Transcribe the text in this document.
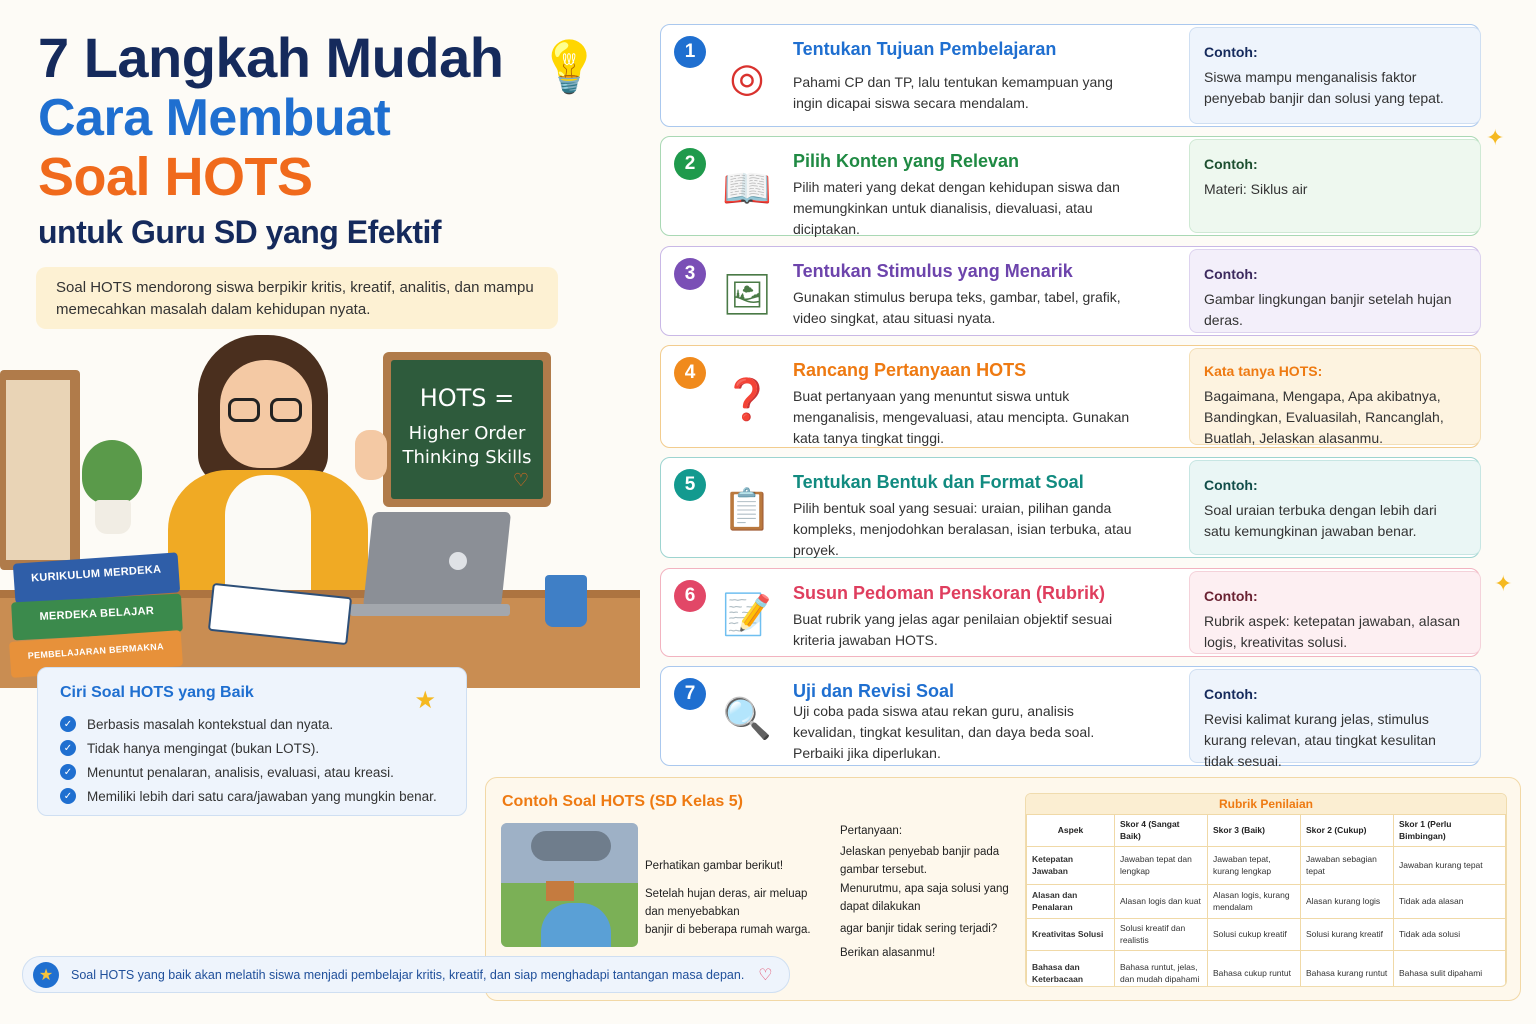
💡
7 Langkah Mudah
Cara Membuat
Soal HOTS
untuk Guru SD yang Efektif
Soal HOTS mendorong siswa berpikir kritis, kreatif, analitis, dan mampu memecahkan masalah dalam kehidupan nyata.
HOTS =
Higher Order
Thinking Skills
♡
KURIKULUM MERDEKA
MERDEKA BELAJAR
PEMBELAJARAN BERMAKNA
Ciri Soal HOTS yang Baik	★
✓ Berbasis masalah kontekstual dan nyata.
✓ Tidak hanya mengingat (bukan LOTS).
✓ Menuntut penalaran, analisis, evaluasi, atau kreasi.
✓ Memiliki lebih dari satu cara/jawaban yang mungkin benar.
1
◎
Tentukan Tujuan Pembelajaran
Pahami CP dan TP, lalu tentukan kemampuan yang ingin dicapai siswa secara mendalam.
Contoh:
Siswa mampu menganalisis faktor penyebab banjir dan solusi yang tepat.
2
📖
Pilih Konten yang Relevan
Pilih materi yang dekat dengan kehidupan siswa dan memungkinkan untuk dianalisis, dievaluasi, atau diciptakan.
Contoh:
Materi: Siklus air
3 🖼
Tentukan Stimulus yang Menarik
Gunakan stimulus berupa teks, gambar, tabel, grafik, video singkat, atau situasi nyata.
Contoh:
Gambar lingkungan banjir setelah hujan deras.
4
❓
Rancang Pertanyaan HOTS
Buat pertanyaan yang menuntut siswa untuk menganalisis, mengevaluasi, atau mencipta. Gunakan kata tanya tingkat tinggi.
Kata tanya HOTS:
Bagaimana, Mengapa, Apa akibatnya, Bandingkan, Evaluasilah, Rancanglah, Buatlah, Jelaskan alasanmu.
5
📋
Tentukan Bentuk dan Format Soal
Pilih bentuk soal yang sesuai: uraian, pilihan ganda kompleks, menjodohkan beralasan, isian terbuka, atau proyek.
Contoh:
Soal uraian terbuka dengan lebih dari satu kemungkinan jawaban benar.
6 📝	Susun Pedoman Penskoran (Rubrik)
Buat rubrik yang jelas agar penilaian objektif sesuai kriteria jawaban HOTS.
Contoh:
Rubrik aspek: ketepatan jawaban, alasan logis, kreativitas solusi.
7
🔍
Uji dan Revisi Soal
Uji coba pada siswa atau rekan guru, analisis kevalidan, tingkat kesulitan, dan daya beda soal. Perbaiki jika diperlukan.
Contoh:
Revisi kalimat kurang jelas, stimulus kurang relevan, atau tingkat kesulitan tidak sesuai.
✦
✦
Contoh Soal HOTS (SD Kelas 5)
Perhatikan gambar berikut!
Setelah hujan deras, air meluap dan menyebabkan
banjir di beberapa rumah warga.
Pertanyaan:
Jelaskan penyebab banjir pada gambar tersebut.
Menurutmu, apa saja solusi yang dapat dilakukan
agar banjir tidak sering terjadi?
Berikan alasanmu!
Rubrik Penilaian
Aspek	Skor 4 (Sangat Baik)	Skor 3 (Baik)	Skor 2 (Cukup)	Skor 1 (Perlu Bimbingan)
Ketepatan Jawaban	Jawaban tepat dan lengkap	Jawaban tepat, kurang lengkap	Jawaban sebagian tepat	Jawaban kurang tepat
Alasan dan Penalaran	Alasan logis dan kuat	Alasan logis, kurang mendalam	Alasan kurang logis	Tidak ada alasan
Kreativitas Solusi	Solusi kreatif dan realistis	Solusi cukup kreatif	Solusi kurang kreatif	Tidak ada solusi
Bahasa dan Keterbacaan	Bahasa runtut, jelas, dan mudah dipahami	Bahasa cukup runtut	Bahasa kurang runtut	Bahasa sulit dipahami
★	Soal HOTS yang baik akan melatih siswa menjadi pembelajar kritis, kreatif, dan siap menghadapi tantangan masa depan. ♡
